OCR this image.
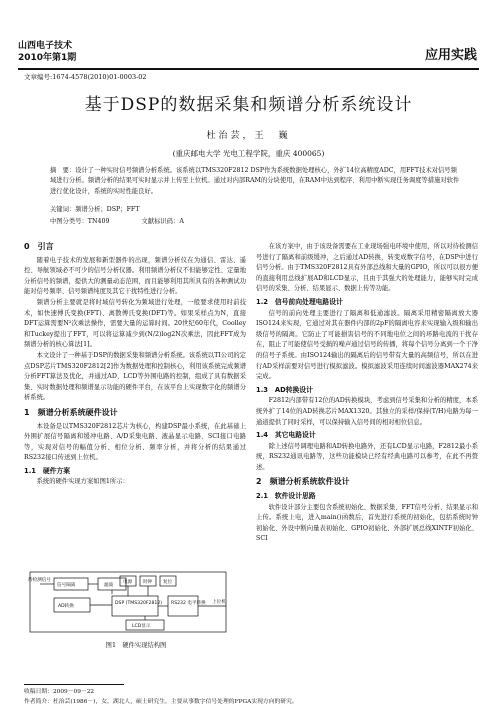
山西电子技术
2010年第1期	应用实践
文章编号:1674-4578(2010)01-0003-02
基于DSP的数据采集和频谱分析系统设计
杜治芸，王　巍
(重庆邮电大学 光电工程学院，重庆 400065)

摘　要：设计了一种实时信号频谱分析系统。该系统以TMS320F2812 DSP作为系统数据处理核心，外扩14位高精度ADC，用FFT技术对信号频域进行分析。频谱分析的结果可实时显示并上传至上位机。通过对内部RAM的分块使用，在RAM中达到程序、利用中断实现任务调度等措施对软件进行优化设计，系统的实时性能良好。

关键词：频谱分析；DSP；FFT
中图分类号：TN409	文献标识码：A
0　引言

随着电子技术的发展和新型器件的出现，频谱分析仪在为通信、雷达、遥控、导航领域必不可少的信号分析仪器。利用频谱分析仪不但能够定性、定量地分析信号的频谱，提供大的测量动态范围，而且能够利用其所具有的各种测试功能对信号频率、信号频谱纯度及其它干扰特性进行分析。

频谱分析主要就是将时域信号转化为频域进行处理，一般要求使用时前技术，如快速傅氏变换(FFT)、离散傅氏变换(DFT)等。如果采样点为N，直接DFT运算需要N²次乘法操作，需要大量的运算时间。20世纪60年代，Coolley和Tuckey提出了FFT，可以将运算减少到(N/2)log2N次乘法，因此FFT成为频谱分析的核心算法[1]。

本文设计了一种基于DSP的数据采集和频谱分析系统。该系统以TI公司的定点DSP芯片TMS320F2812[2]作为数据处理和控制核心，利用该系统完成频谱分析FFT算法及优化，并通过AD、LCD等外围电路的控制，组成了具有数据采集、实时数据处理和频谱显示功能的硬件平台，在该平台上实现数字化的频谱分析系统。

1　频谱分析系统硬件设计

本设备是以TMS320F2812芯片为核心，构建DSP最小系统，在此基础上外围扩展信号隔离和缓冲电路、A/D采集电路、液晶显示电路、SCI接口电路等，实现对信号的幅值分析、相位分析、频率分析，并将分析的结果通过RS232接口传送到上位机。

1.1　硬件方案

系统的硬件实现方案如图1所示：

待检测信号
信号隔离	滤波
AD转换
DSP (TMS320F2812) RS232 电平转换 上位机
电源 时钟 复位
LCD显示
图1　硬件实现结构图

在该方案中，由于该设备需要在工业现场强电环境中使用，所以对待检测信号进行了隔离和前级缓冲，之后通过AD转换，转变成数字信号，在DSP中进行信号分析。由于TMS320F2812具有外部总线和大量的GPIO，所以可以很方便的直接利用总线扩展AD和LCD显示，且由于其强大的处理能力，能够实时完成信号的采集、分析、结果显示、数据上传等功能。

1.2　信号前向处理电路设计

信号的前向处理主要进行了隔离和低通滤波。隔离采用精密隔离放大器ISO124来实现，它通过对其在器件内部的2pF的隔离电容来实现输入级和输出级信号的隔离。它防止了可能損害信号的不同地电位之间的环路电流的干扰存在，阻止了可能使信号受损的噪声通过信号的传播，将每个信号分离到一个干净的信号子系统。由ISO124输出的隔离后的信号带有大量的高频信号，所以在进行AD采样前要对信号进行模拟滤波。模拟滤波采用连续时间滤波器MAX274来完成。

1.3　AD转换设计

F2812内部带有12位的AD转换模块，考虑到信号采集和分析的精度，本系统外扩了14位的AD转换芯片MAX1320。其独立的采样/保持(T/H)电路为每一通道提供了同时采样，可以保持输入信号间的相对相位信息。

1.4　其它电路设计

除上述信号调理电路和AD转换电路外，还有LCD显示电路，F2812最小系统，RS232通讯电路等，这些功能模块已经有经典电路可以参考，在此不再赘述。

2　频谱分析系统软件设计
2.1　软件设计思路

软件设计部分主要包含系统初始化、数据采集、FFT信号分析、结果显示和上传。系统上电，进入main()函数后，首先进行系统的初始化，包括系统时钟初始化、外设中断向量表初始化、GPIO初始化、外部扩展总线XINTF初始化、SCI

收稿日期：2009－09－22
作者简介：杜治芸(1986－)，女，湖北人，硕士研究生，主要从事数字信号处理的FPGA实现方向的研究。
